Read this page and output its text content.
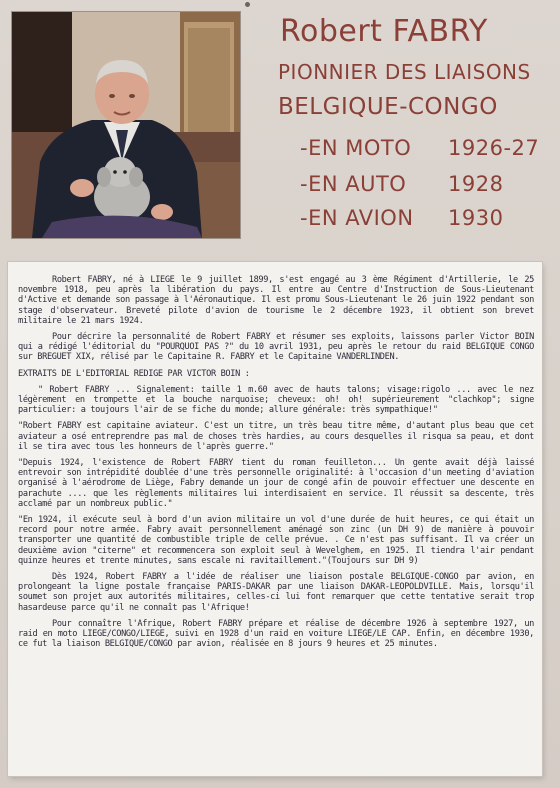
Robert FABRY
PIONNIER DES LIAISONS
BELGIQUE-CONGO
-EN MOTO 1926-27
-EN AUTO 1928
-EN AVION 1930

Robert FABRY, né à LIEGE le 9 juillet 1899, s'est engagé au 3 ème Régiment d'Artillerie, le 25 novembre 1918, peu après la libération du pays. Il entre au Centre d'Instruction de Sous-Lieutenant d'Active et demande son passage à l'Aéronautique. Il est promu Sous-Lieutenant le 26 juin 1922 pendant son stage d'observateur. Breveté pilote d'avion de tourisme le 2 décembre 1923, il obtient son brevet militaire le 21 mars 1924.

Pour décrire la personnalité de Robert FABRY et résumer ses exploits, laissons parler Victor BOIN qui a rédigé l'éditorial du "POURQUOI PAS ?" du 10 avril 1931, peu après le retour du raid BELGIQUE CONGO sur BREGUET XIX, rélisé par le Capitaine R. FABRY et le Capitaine VANDERLINDEN.

EXTRAITS DE L'EDITORIAL REDIGE PAR VICTOR BOIN :

" Robert FABRY ... Signalement: taille 1 m.60 avec de hauts talons; visage:rigolo ... avec le nez légèrement en trompette et la bouche narquoise; cheveux: oh! oh! supérieurement "clachkop"; signe particulier: a toujours l'air de se fiche du monde; allure générale: très sympathique!"

"Robert FABRY est capitaine aviateur. C'est un titre, un très beau titre même, d'autant plus beau que cet aviateur a osé entreprendre pas mal de choses très hardies, au cours desquelles il risqua sa peau, et dont il se tira avec tous les honneurs de l'après guerre."

"Depuis 1924, l'existence de Robert FABRY tient du roman feuilleton... Un gente avait déjà laissé entrevoir son intrépidité doublée d'une très personnelle originalité: à l'occasion d'un meeting d'aviation organisé à l'aérodrome de Liège, Fabry demande un jour de congé afin de pouvoir effectuer une descente en parachute .... que les règlements militaires lui interdisaient en service. Il réussit sa descente, très acclamé par un nombreux public."

"En 1924, il exécute seul à bord d'un avion militaire un vol d'une durée de huit heures, ce qui était un record pour notre armée. Fabry avait personnellement aménagé son zinc (un DH 9) de manière à pouvoir transporter une quantité de combustible triple de celle prévue. . Ce n'est pas suffisant. Il va créer un deuxième avion "citerne" et recommencera son exploit seul à Wevelghem, en 1925. Il tiendra l'air pendant quinze heures et trente minutes, sans escale ni ravitaillement."(Toujours sur DH 9)

Dès 1924, Robert FABRY a l'idée de réaliser une liaison postale BELGIQUE-CONGO par avion, en prolongeant la ligne postale française PARIS-DAKAR par une liaison DAKAR-LEOPOLDVILLE. Mais, lorsqu'il soumet son projet aux autorités militaires, celles-ci lui font remarquer que cette tentative serait trop hasardeuse parce qu'il ne connaît pas l'Afrique!

Pour connaître l'Afrique, Robert FABRY prépare et réalise de décembre 1926 à septembre 1927, un raid en moto LIEGE/CONGO/LIEGE, suivi en 1928 d'un raid en voiture LIEGE/LE CAP. Enfin, en décembre 1930, ce fut la liaison BELGIQUE/CONGO par avion, réalisée en 8 jours 9 heures et 25 minutes.
